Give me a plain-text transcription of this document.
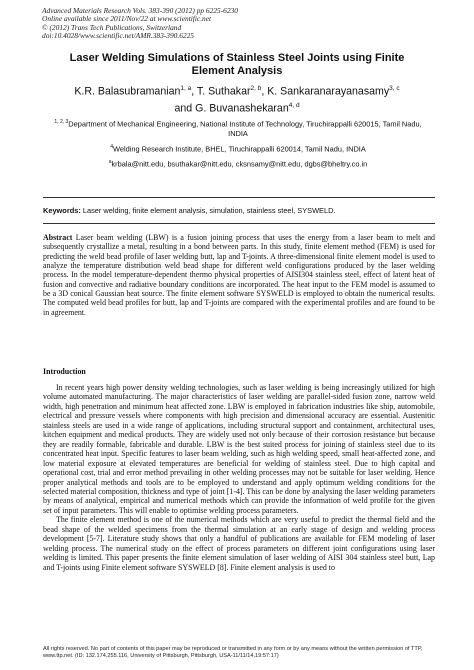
Advanced Materials Research Vols. 383-390 (2012) pp 6225-6230
Online available since 2011/Nov/22 at www.scientific.net
© (2012) Trans Tech Publications, Switzerland
doi:10.4028/www.scientific.net/AMR.383-390.6225
Laser Welding Simulations of Stainless Steel Joints using Finite
Element Analysis
K.R. Balasubramanian$^{1, a}$, T. Suthakar$^{2, b}$, K. Sankaranarayanasamy$^{3, c}$
and G. Buvanashekaran$^{4, d}$

$^{1, 2, 3}$Department of Mechanical Engineering, National Institute of Technology, Tiruchirappalli 620015, Tamil Nadu, INDIA

$^4$Welding Research Institute, BHEL, Tiruchirappalli 620014, Tamil Nadu, INDIA

$^a$krbala@nitt.edu, bsuthakar@nitt.edu, cksnsamy@nitt.edu, dgbs@bheltry.co.in

Keywords: Laser welding, finite element analysis, simulation, stainless steel, SYSWELD.
Abstract Laser beam welding (LBW) is a fusion joining process that uses the energy from a laser beam to melt and subsequently crystallize a metal, resulting in a bond between parts. In this study, finite element method (FEM) is used for predicting the weld bead profile of laser welding butt, lap and T-joints. A three-dimensional finite element model is used to analyze the temperature distribution weld bead shape for different weld configurations produced by the laser welding process. In the model temperature-dependent thermo physical properties of AISI304 stainless steel, effect of latent heat of fusion and convective and radiative boundary conditions are incorporated. The heat input to the FEM model is assumed to be a 3D conical Gaussian heat source. The finite element software SYSWELD is employed to obtain the numerical results. The computed weld bead profiles for butt, lap and T-joints are compared with the experimental profiles and are found to be in agreement.
Introduction

In recent years high power density welding technologies, such as laser welding is being increasingly utilized for high volume automated manufacturing. The major characteristics of laser welding are parallel-sided fusion zone, narrow weld width, high penetration and minimum heat affected zone. LBW is employed in fabrication industries like ship, automobile, electrical and pressure vessels where components with high precision and dimensional accuracy are essential. Austenitic stainless steels are used in a wide range of applications, including structural support and containment, architectural uses, kitchen equipment and medical products. They are widely used not only because of their corrosion resistance but because they are readily formable, fabricable and durable. LBW is the best suited process for joining of stainless steel due to its concentrated heat input. Specific features to laser beam welding, such as high welding speed, small heat-affected zone, and low material exposure at elevated temperatures are beneficial for welding of stainless steel. Due to high capital and operational cost, trial and error method prevailing in other welding processes may not be suitable for laser welding. Hence proper analytical methods and tools are to be employed to understand and apply optimum welding conditions for the selected material composition, thickness and type of joint [1-4]. This can be done by analysing the laser welding parameters by means of analytical, empirical and numerical methods which can provide the information of weld profile for the given set of input parameters. This will enable to optimise welding process parameters.

The finite element method is one of the numerical methods which are very useful to predict the thermal field and the bead shape of the welded specimens from the thermal simulation at an early stage of design and welding process development [5-7]. Literature study shows that only a handful of publications are available for FEM modeling of laser welding process. The numerical study on the effect of process parameters on different joint configurations using laser welding is limited. This paper presents the finite element simulation of laser welding of AISI 304 stainless steel butt, Lap and T-joints using Finite element software SYSWELD [8]. Finite element analysis is used to

All rights reserved. No part of contents of this paper may be reproduced or transmitted in any form or by any means without the written permission of TTP,
www.ttp.net. (ID: 132.174.255.116, University of Pittsburgh, Pittsburgh, USA-11/11/14,19:57:17)
